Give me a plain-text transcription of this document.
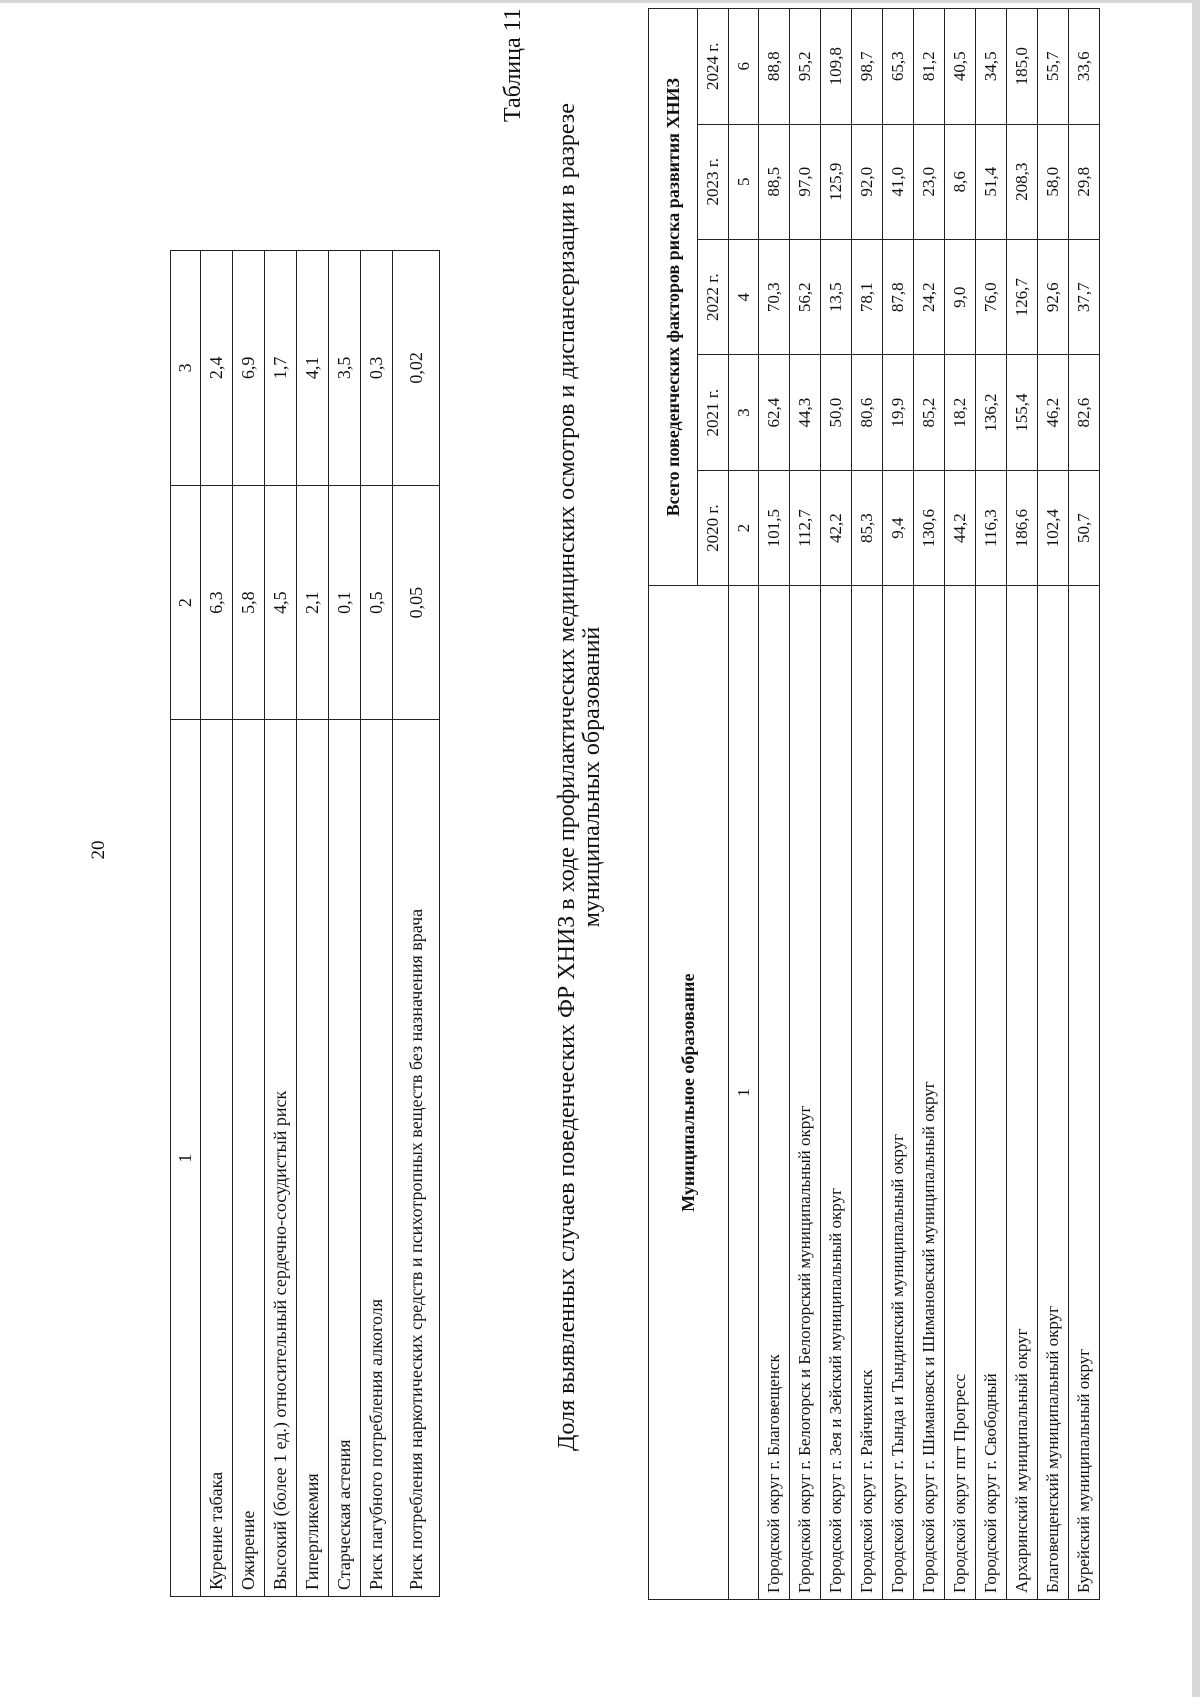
20
1	2	3
Курение табака	6,3	2,4
Ожирение	5,8	6,9
Высокий (более 1 ед.) относительный сердечно-сосудистый риск	4,5	1,7
Гипергликемия	2,1	4,1
Старческая астения	0,1	3,5
Риск пагубного потребления алкоголя	0,5	0,3
Риск потребления наркотических средств и психотропных веществ без назначения врача	0,05	0,02
Таблица 11
Доля выявленных случаев поведенческих ФР ХНИЗ в ходе профилактических медицинских осмотров и диспансеризации в разрезе муниципальных образований
Муниципальное образование	Всего поведенческих факторов риска развития ХНИЗ				
	2020 г.	2021 г.	2022 г.	2023 г.	2024 г.
1	2	3	4	5	6
Городской округ г. Благовещенск	101,5	62,4	70,3	88,5	88,8
Городской округ г. Белогорск и Белогорский муниципальный округ	112,7	44,3	56,2	97,0	95,2
Городской округ г. Зея и Зейский муниципальный округ	42,2	50,0	13,5	125,9	109,8
Городской округ г. Райчихинск	85,3	80,6	78,1	92,0	98,7
Городской округ г. Тында и Тындинский муниципальный округ	9,4	19,9	87,8	41,0	65,3
Городской округ г. Шимановск и Шимановский муниципальный округ	130,6	85,2	24,2	23,0	81,2
Городской округ пгт Прогресс	44,2	18,2	9,0	8,6	40,5
Городской округ г. Свободный	116,3	136,2	76,0	51,4	34,5
Архаринский муниципальный округ	186,6	155,4	126,7	208,3	185,0
Благовещенский муниципальный округ	102,4	46,2	92,6	58,0	55,7
Бурейский муниципальный округ	50,7	82,6	37,7	29,8	33,6
